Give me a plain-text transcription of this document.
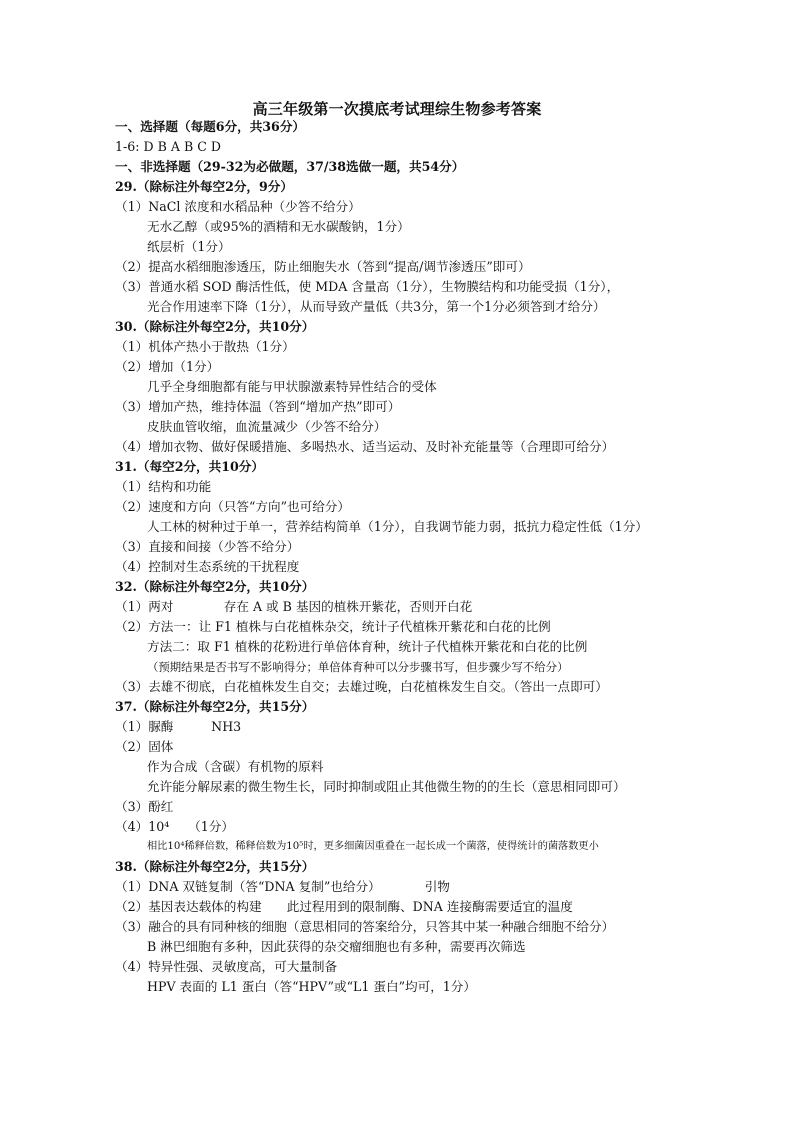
高三年级第一次摸底考试理综生物参考答案
一、选择题（每题6分，共36分）
1-6: D B A B C D
一、非选择题（29-32为必做题，37/38选做一题，共54分）
29.（除标注外每空2分，9分）
（1）NaCl 浓度和水稻品种（少答不给分）
无水乙醇（或95%的酒精和无水碳酸钠，1分）
纸层析（1分）
（2）提高水稻细胞渗透压，防止细胞失水（答到“提高/调节渗透压”即可）
（3）普通水稻 SOD 酶活性低，使 MDA 含量高（1分），生物膜结构和功能受损（1分），
光合作用速率下降（1分），从而导致产量低（共3分，第一个1分必须答到才给分）
30.（除标注外每空2分，共10分）
（1）机体产热小于散热（1分）
（2）增加（1分）
几乎全身细胞都有能与甲状腺激素特异性结合的受体
（3）增加产热，维持体温（答到“增加产热”即可）
皮肤血管收缩，血流量减少（少答不给分）
（4）增加衣物、做好保暖措施、多喝热水、适当运动、及时补充能量等（合理即可给分）
31.（每空2分，共10分）
（1）结构和功能
（2）速度和方向（只答“方向”也可给分）
人工林的树种过于单一，营养结构简单（1分），自我调节能力弱，抵抗力稳定性低（1分）
（3）直接和间接（少答不给分）
（4）控制对生态系统的干扰程度
32.（除标注外每空2分，共10分）
（1）两对　　　　存在 A 或 B 基因的植株开紫花，否则开白花
（2）方法一：让 F1 植株与白花植株杂交，统计子代植株开紫花和白花的比例
方法二：取 F1 植株的花粉进行单倍体育种，统计子代植株开紫花和白花的比例
（预期结果是否书写不影响得分；单倍体育种可以分步骤书写，但步骤少写不给分）
（3）去雄不彻底，白花植株发生自交；去雄过晚，白花植株发生自交。（答出一点即可）
37.（除标注外每空2分，共15分）
（1）脲酶　　　NH3
（2）固体
作为合成（含碳）有机物的原料
允许能分解尿素的微生物生长，同时抑制或阻止其他微生物的的生长（意思相同即可）
（3）酚红
（4）10⁴　　（1分）
相比10⁴稀释倍数，稀释倍数为10⁵时，更多细菌因重叠在一起长成一个菌落，使得统计的菌落数更小
38.（除标注外每空2分，共15分）
（1）DNA 双链复制（答“DNA 复制”也给分）　　　　引物
（2）基因表达载体的构建　　此过程用到的限制酶、DNA 连接酶需要适宜的温度
（3）融合的具有同种核的细胞（意思相同的答案给分，只答其中某一种融合细胞不给分）
B 淋巴细胞有多种，因此获得的杂交瘤细胞也有多种，需要再次筛选
（4）特异性强、灵敏度高，可大量制备
HPV 表面的 L1 蛋白（答“HPV”或“L1 蛋白”均可，1分）
